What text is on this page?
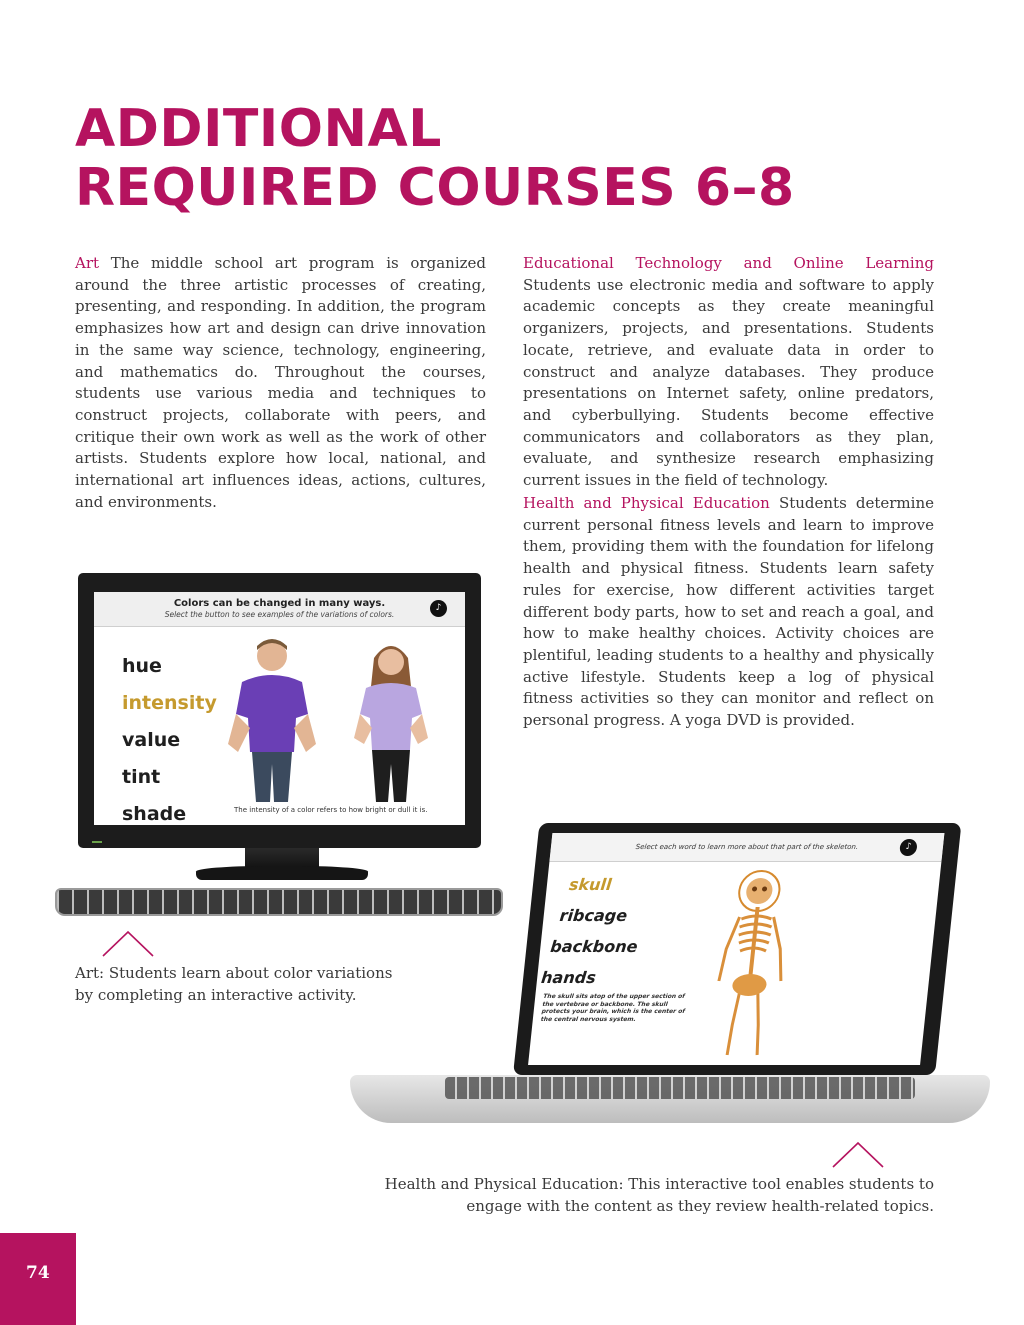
ADDITIONAL
REQUIRED COURSES 6–8

Art The middle school art program is organized around the three artistic processes of creating, presenting, and responding. In addition, the program emphasizes how art and design can drive innovation in the same way science, technology, engineering, and mathematics do. Throughout the courses, students use various media and techniques to construct projects, collaborate with peers, and critique their own work as well as the work of other artists. Students explore how local, national, and international art influences ideas, actions, cultures, and environments.

Educational Technology and Online Learning Students use electronic media and software to apply academic concepts as they create meaningful organizers, projects, and presentations. Students locate, retrieve, and evaluate data in order to construct and analyze databases. They produce presentations on Internet safety, online predators, and cyberbullying. Students become effective communicators and collaborators as they plan, evaluate, and synthesize research emphasizing current issues in the field of technology.

Health and Physical Education Students determine current personal fitness levels and learn to improve them, providing them with the foundation for lifelong health and physical fitness. Students learn safety rules for exercise, how different activities target different body parts, how to set and reach a goal, and how to make healthy choices. Activity choices are plentiful, leading students to a healthy and physically active lifestyle. Students keep a log of physical fitness activities so they can monitor and reflect on personal progress. A yoga DVD is provided.

Colors can be changed in many ways.
Select the button to see examples of the variations of colors.
♪
hue
intensity
value
tint
shade	The intensity of a color refers to how bright or dull it is.

Art: Students learn about color variations by completing an interactive activity.

Select each word to learn more about that part of the skeleton.	♪
skull
ribcage
backbone
hands
The skull sits atop of the upper section of the vertebrae or backbone. The skull protects your brain, which is the center of the central nervous system.

Health and Physical Education: This interactive tool enables students to engage with the content as they review health-related topics.

74
